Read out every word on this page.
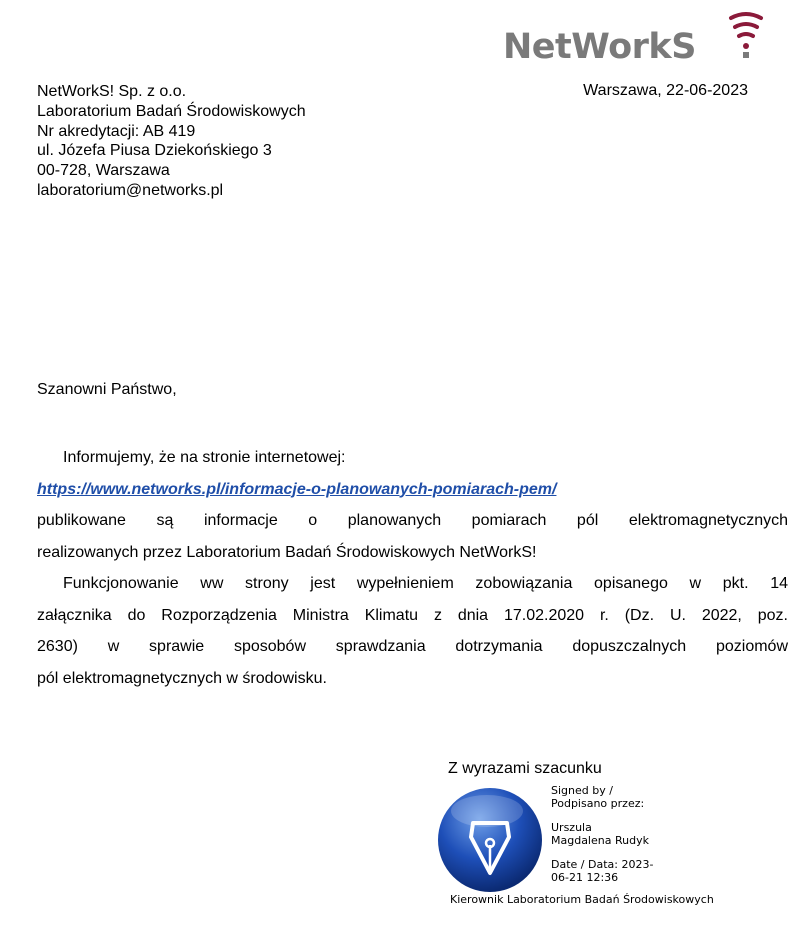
NetWorkS
NetWorkS! Sp. z o.o.
Laboratorium Badań Środowiskowych
Nr akredytacji: AB 419
ul. Józefa Piusa Dziekońskiego 3
00-728, Warszawa
laboratorium@networks.pl
Warszawa, 22-06-2023
Szanowni Państwo,
Informujemy, że na stronie internetowej:
https://www.networks.pl/informacje-o-planowanych-pomiarach-pem/
publikowane są informacje o planowanych pomiarach pól elektromagnetycznych
realizowanych przez Laboratorium Badań Środowiskowych NetWorkS!
Funkcjonowanie ww strony jest wypełnieniem zobowiązania opisanego w pkt. 14
załącznika do Rozporządzenia Ministra Klimatu z dnia 17.02.2020 r. (Dz. U. 2022, poz.
2630) w sprawie sposobów sprawdzania dotrzymania dopuszczalnych poziomów
pól elektromagnetycznych w środowisku.
Z wyrazami szacunku
Signed by /
Podpisano przez:
Urszula
Magdalena Rudyk
Date / Data: 2023-
06-21 12:36
Kierownik Laboratorium Badań Środowiskowych
